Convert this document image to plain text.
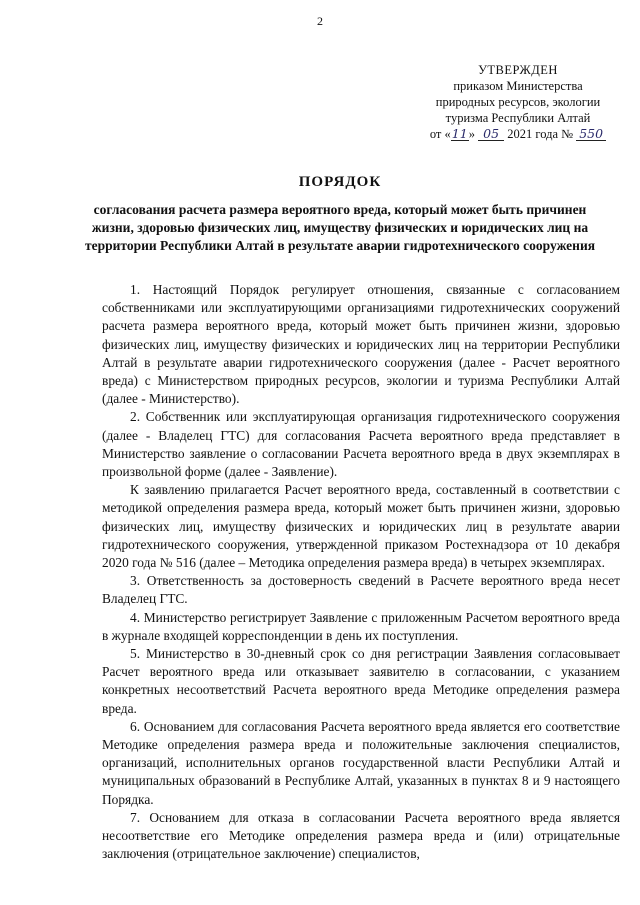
2
УТВЕРЖДЕН
приказом Министерства
природных ресурсов, экологии
туризма Республики Алтай
от «11» 05 2021 года № 550
ПОРЯДОК
согласования расчета размера вероятного вреда, который может быть причинен жизни, здоровью физических лиц, имуществу физических и юридических лиц на территории Республики Алтай в результате аварии гидротехнического сооружения

1. Настоящий Порядок регулирует отношения, связанные с согласованием собственниками или эксплуатирующими организациями гидротехнических сооружений расчета размера вероятного вреда, который может быть причинен жизни, здоровью физических лиц, имуществу физических и юридических лиц на территории Республики Алтай в результате аварии гидротехнического сооружения (далее - Расчет вероятного вреда) с Министерством природных ресурсов, экологии и туризма Республики Алтай (далее - Министерство).

2. Собственник или эксплуатирующая организация гидротехнического сооружения (далее - Владелец ГТС) для согласования Расчета вероятного вреда представляет в Министерство заявление о согласовании Расчета вероятного вреда в двух экземплярах в произвольной форме (далее - Заявление).

К заявлению прилагается Расчет вероятного вреда, составленный в соответствии с методикой определения размера вреда, который может быть причинен жизни, здоровью физических лиц, имуществу физических и юридических лиц в результате аварии гидротехнического сооружения, утвержденной приказом Ростехнадзора от 10 декабря 2020 года № 516 (далее – Методика определения размера вреда) в четырех экземплярах.

3. Ответственность за достоверность сведений в Расчете вероятного вреда несет Владелец ГТС.

4. Министерство регистрирует Заявление с приложенным Расчетом вероятного вреда в журнале входящей корреспонденции в день их поступления.

5. Министерство в 30-дневный срок со дня регистрации Заявления согласовывает Расчет вероятного вреда или отказывает заявителю в согласовании, с указанием конкретных несоответствий Расчета вероятного вреда Методике определения размера вреда.

6. Основанием для согласования Расчета вероятного вреда является его соответствие Методике определения размера вреда и положительные заключения специалистов, организаций, исполнительных органов государственной власти Республики Алтай и муниципальных образований в Республике Алтай, указанных в пунктах 8 и 9 настоящего Порядка.

7. Основанием для отказа в согласовании Расчета вероятного вреда является несоответствие его Методике определения размера вреда и (или) отрицательные заключения (отрицательное заключение) специалистов,
